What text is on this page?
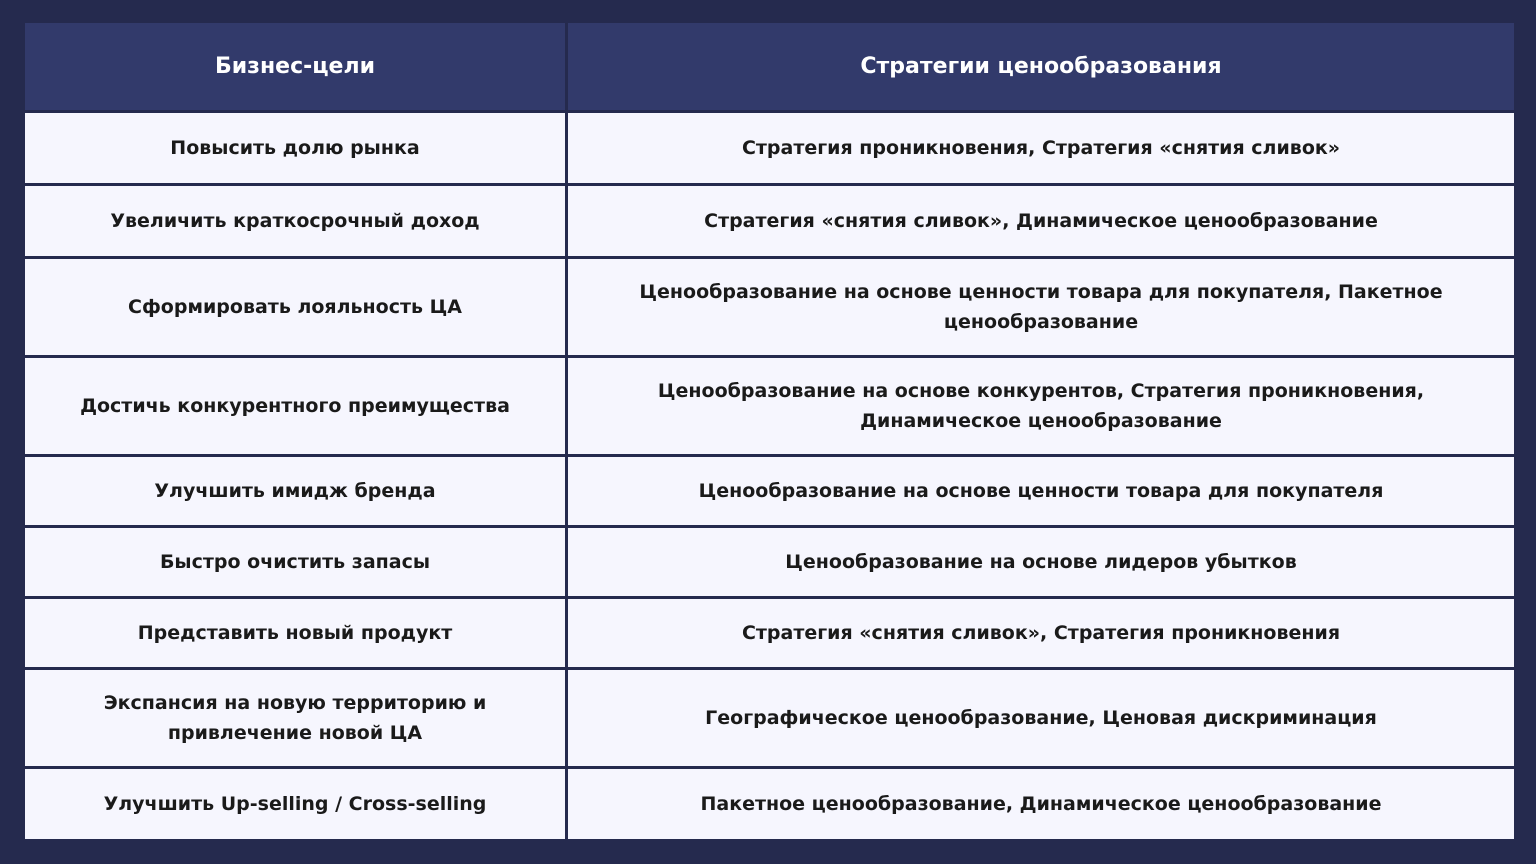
Бизнес-цели	Стратегии ценообразования
Повысить долю рынка	Стратегия проникновения, Стратегия «снятия сливок»
Увеличить краткосрочный доход	Стратегия «снятия сливок», Динамическое ценообразование
Сформировать лояльность ЦА	Ценообразование на основе ценности товара для покупателя, Пакетное ценообразование
Достичь конкурентного преимущества	Ценообразование на основе конкурентов, Стратегия проникновения, Динамическое ценообразование
Улучшить имидж бренда	Ценообразование на основе ценности товара для покупателя
Быстро очистить запасы	Ценообразование на основе лидеров убытков
Представить новый продукт	Стратегия «снятия сливок», Стратегия проникновения
Экспансия на новую территорию и привлечение новой ЦА	Географическое ценообразование, Ценовая дискриминация
Улучшить Up-selling / Cross-selling	Пакетное ценообразование, Динамическое ценообразование
